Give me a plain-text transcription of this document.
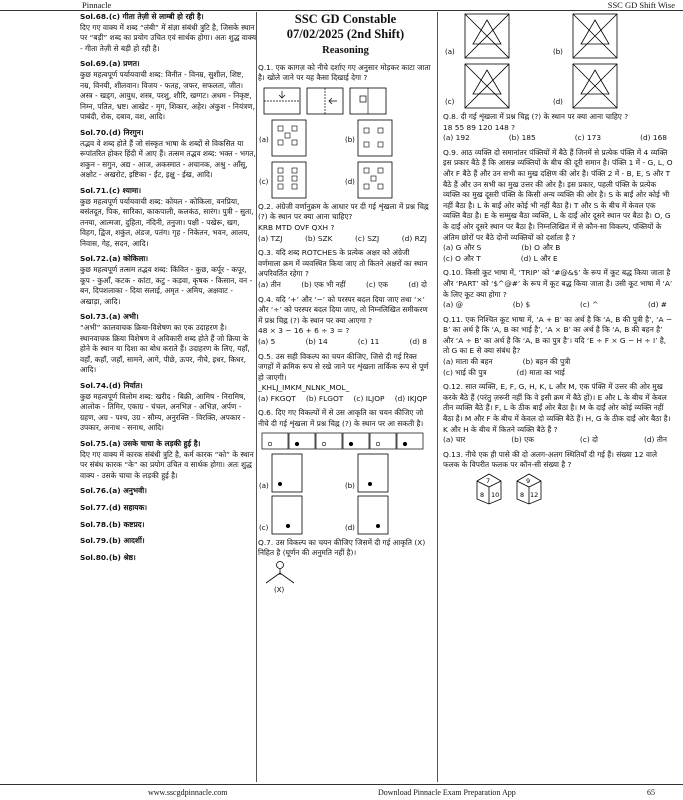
Pinnacle	SSC GD Shift Wise

Sol.68.(c) गीता तेज़ी से लाम्बी हो रही है।

दिए गए वाक्य में शब्द “लंबी” में संज्ञा संबंधी त्रुटि है, जिसके स्थान पर “बड़ी” शब्द का प्रयोग उचित एवं सार्थक होगा। अतः शुद्ध वाक्य - गीता तेज़ी से बड़ी हो रही है।

Sol.69.(a) प्रणत।

कुछ महत्वपूर्ण पर्यायवाची शब्द: विनीत - विनम्र, सुशील, शिष्ट, नम्र, विनयी, शीलवान। विजय - फतह, जफर, सफलता, जीत। अस्त्र - खड्ग, आयुध, शस्त्र, परशु, शौरि, खग्गट। अधम - निकृष्ट, निम्न, पतित, भ्रष्ट। आखेट - मृग, शिकार, अहेर। अंकुश - नियंत्रण, पाबंदी, रोक, दबाव, वश, आदि।

Sol.70.(d) निरगुन।

तद्भव वे शब्द होते हैं जो संस्कृत भाषा के शब्दों से विकसित या रूपांतरित होकर हिंदी में आए हैं। तत्सम तद्भव शब्द: भक्त - भगत, शकुन - सगुन, अद्य - आज, अकस्मात - अचानक, अश्रु - आँसू, अक्षोट - अखरोट, इष्टिका - ईंट, इक्षु - ईख, आदि।

Sol.71.(c) श्यामा।

कुछ महत्वपूर्ण पर्यायवाची शब्द: कोयल - कोकिला, वनप्रिया, बसंतदूत, पिक, सारिका, काकपाली, कलकंठ, सारंग। पुत्री - सुता, तनया, आत्मजा, दुहिता, नंदिनी, तनुजा। पक्षी - पखेरू, खग, विहग, द्विज, शकुंत, अंडज, पतंग। गृह - निकेतन, भवन, आलय, निवास, गेह, सदन, आदि।

Sol.72.(a) कोकिला।

कुछ महत्वपूर्ण तत्सम तद्भव शब्द: किंवित - कुछ, कर्पूर - कपूर, कूप - कुआँ, कटक - कांटा, कटु - कड़वा, कृषक - किसान, वन - बन, दिपशलाका - दिया सलाई, अमृत - अमिय, अक्षवाट - अखाड़ा, आदि।

Sol.73.(a) अभी।

“अभी” कालवाचक क्रिया-विशेषण का एक उदाहरण है। स्थानवाचक क्रिया विशेषण वे अविकारी शब्द होते हैं जो क्रिया के होने के स्थान या दिशा का बोध कराते हैं। उदाहरण के लिए, यहाँ, वहाँ, कहाँ, जहाँ, सामने, आगे, पीछे, ऊपर, नीचे, इधर, किधर, आदि।

Sol.74.(d) निर्यात।

कुछ महत्वपूर्ण विलोम शब्द: खरीद - बिक्री, आमिष - निरामिष, आलोक - तिमिर, एकाग्र - चंचल, अनभिज्ञ - अभिज्ञ, अर्पण - ग्रहण, अग्र - पश्च, उग्र - सौम्य, अनुरक्ति - विरक्ति, अपकार - उपकार, अनाथ - सनाथ, आदि।

Sol.75.(a) उसके चाचा के लड़की हुई है।

दिए गए वाक्य में कारक संबंधी त्रुटि है, कर्म कारक “को” के स्थान पर संबंध कारक “के” का प्रयोग उचित व सार्थक होगा। अतः शुद्ध वाक्य - उसके चाचा के लड़की हुई है।

Sol.76.(a) अनुभवी।

Sol.77.(d) सहायक।

Sol.78.(b) कष्टप्रद।

Sol.79.(b) आदर्शी।

Sol.80.(b) श्रेष्ठ।

SSC GD Constable
07/02/2025 (2nd Shift)
Reasoning

Q.1. एक कागज़ को नीचे दर्शाए गए अनुसार मोड़कर काटा जाता है। खोले जाने पर यह कैसा दिखाई देगा ?

(a)	(b)
(c)	(d)

Q.2. अंग्रेजी वर्णानुक्रम के आधार पर दी गई शृंखला में प्रश्न चिह्न (?) के स्थान पर क्या आना चाहिए?

KRB MTD OVF QXH ?

(a) TZJ	(b) SZK	(c) SZJ	(d) RZJ

Q.3. यदि शब्द ROTCHES के प्रत्येक अक्षर को अंग्रेजी वर्णमाला क्रम में व्यवस्थित किया जाए तो कितने अक्षरों का स्थान अपरिवर्तित रहेगा ?

(a) तीन	(b) एक भी नहीं	(c) एक	(d) दो

Q.4. यदि ‘+’ और ‘−’ को परस्पर बदल दिया जाए तथा ‘×’ और ‘÷’ को परस्पर बदल दिया जाए, तो निम्नलिखित समीकरण में प्रश्न चिह्न (?) के स्थान पर क्या आएगा ?

48 × 3 − 16 + 6 ÷ 3 = ?

(a) 5	(b) 14	(c) 11	(d) 8

Q.5. उस सही विकल्प का चयन कीजिए, जिसे दी गई रिक्त जगहों में क्रमिक रूप से रखे जाने पर शृंखला तार्किक रूप से पूर्ण हो जाएगी।

_KHLJ_IMKM_NLNK_MOL_

(a) FKGQT (b) FLGOT (c) ILJOP (d) IKJQP

Q.6. दिए गए विकल्पों में से उस आकृति का चयन कीजिए जो नीचे दी गई शृंखला में प्रश्न चिह्न (?) के स्थान पर आ सकती है।

(a)	(b)
(c)	(d)

Q.7. उस विकल्प का चयन कीजिए जिसमें दी गई आकृति (X) निहित है (घूर्णन की अनुमति नहीं है)।

(X)
(a)	(b)
(c)	(d)

Q.8. दी गई शृंखला में प्रश्न चिह्न (?) के स्थान पर क्या आना चाहिए ?

18 55 89 120 148 ?

(a) 192	(b) 185	(c) 173	(d) 168

Q.9. आठ व्यक्ति दो समानांतर पंक्तियों में बैठे हैं जिनमें से प्रत्येक पंक्ति में 4 व्यक्ति इस प्रकार बैठे हैं कि आसन्न व्यक्तियों के बीच की दूरी समान है। पंक्ति 1 में - G, L, O और F बैठे हैं और उन सभी का मुख दक्षिण की ओर है। पंक्ति 2 में - B, E, S और T बैठे हैं और उन सभी का मुख उत्तर की ओर है। इस प्रकार, पहली पंक्ति के प्रत्येक व्यक्ति का मुख दूसरी पंक्ति के किसी अन्य व्यक्ति की ओर है। S के बाईं ओर कोई भी नहीं बैठा है। L के बाईं ओर कोई भी नहीं बैठा है। T और S के बीच में केवल एक व्यक्ति बैठा है। E के सम्मुख बैठा व्यक्ति, L के दाईं ओर दूसरे स्थान पर बैठा है। O, G के दाईं ओर दूसरे स्थान पर बैठा है। निम्नलिखित में से कौन-सा विकल्प, पंक्तियों के अंतिम छोरों पर बैठे दोनों व्यक्तियों को दर्शाता है ?

(a) G और S	(b) O और B
(c) O और T	(d) L और E

Q.10. किसी कूट भाषा में, ‘TRIP’ को ‘#@&$’ के रूप में कूट बद्ध किया जाता है और ‘PART’ को ‘$^@#’ के रूप में कूट बद्ध किया जाता है। उसी कूट भाषा में ‘A’ के लिए कूट क्या होगा ?

(a) @	(b) $	(c) ^	(d) #

Q.11. एक निश्चित कूट भाषा में, ‘A + B’ का अर्थ है कि ‘A, B की पुत्री है’, ‘A − B’ का अर्थ है कि ‘A, B का भाई है’, ‘A × B’ का अर्थ है कि ‘A, B की बहन है’ और ‘A ÷ B’ का अर्थ है कि ‘A, B का पुत्र है’। यदि ‘E ÷ F × G − H ÷ I’ है, तो G का E से क्या संबंध है?

(a) माता की बहन	(b) बहन की पुत्री
(c) भाई की पुत्र	(d) माता का भाई

Q.12. सात व्यक्ति, E, F, G, H, K, L और M, एक पंक्ति में उत्तर की ओर मुख करके बैठे हैं (परंतु ज़रूरी नहीं कि वे इसी क्रम में बैठे हों)। E और L के बीच में केवल तीन व्यक्ति बैठे हैं। F, L के ठीक बाईं ओर बैठा है। M के दाईं ओर कोई व्यक्ति नहीं बैठा है। M और F के बीच में केवल दो व्यक्ति बैठे हैं। H, G के ठीक दाईं ओर बैठा है। K और H के बीच में कितने व्यक्ति बैठे हैं ?

(a) चार	(b) एक	(c) दो	(d) तीन

Q.13. नीचे एक ही पासे की दो अलग-अलग स्थितियाँ दी गई हैं। संख्या 12 वाले फलक के विपरीत फलक पर कौन-सी संख्या है ?

7
8 10
9
8 12
www.sscgdpinnacle.com	Download Pinnacle Exam Preparation App	65
